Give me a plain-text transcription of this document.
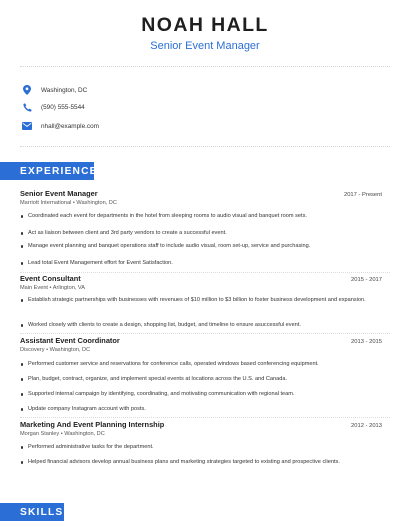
NOAH HALL
Senior Event Manager
Washington, DC
(590) 555-5544
nhall@example.com
EXPERIENCE
Senior Event Manager	2017 - Present
Marriott International • Washington, DC
Coordinated each event for departments in the hotel from sleeping rooms to audio visual and banquet room sets.
Act as liaison between client and 3rd party vendors to create a successful event.
Manage event planning and banquet operations staff to include audio visual, room set-up, service and purchasing.
Lead total Event Management effort for Event Satisfaction.
Event Consultant	2015 - 2017
Main Event • Arlington, VA
Establish strategic partnerships with businesses with revenues of $10 million to $3 billion to foster business development and expansion.
Worked closely with clients to create a design, shopping list, budget, and timeline to ensure asuccessful event.
Assistant Event Coordinator	2013 - 2015
Discovery • Washington, DC
Performed customer service and reservations for conference calls, operated windows based conferencing equipment.
Plan, budget, contract, organize, and implement special events at locations across the U.S. and Canada.
Supported internal campaign by identifying, coordinating, and motivating communication with regional team.
Update company Instagram account with posts.
Marketing And Event Planning Internship	2012 - 2013
Morgan Stanley • Washington, DC
Performed administrative tasks for the department.
Helped financial advisors develop annual business plans and marketing strategies targeted to existing and prospective clients.
SKILLS
